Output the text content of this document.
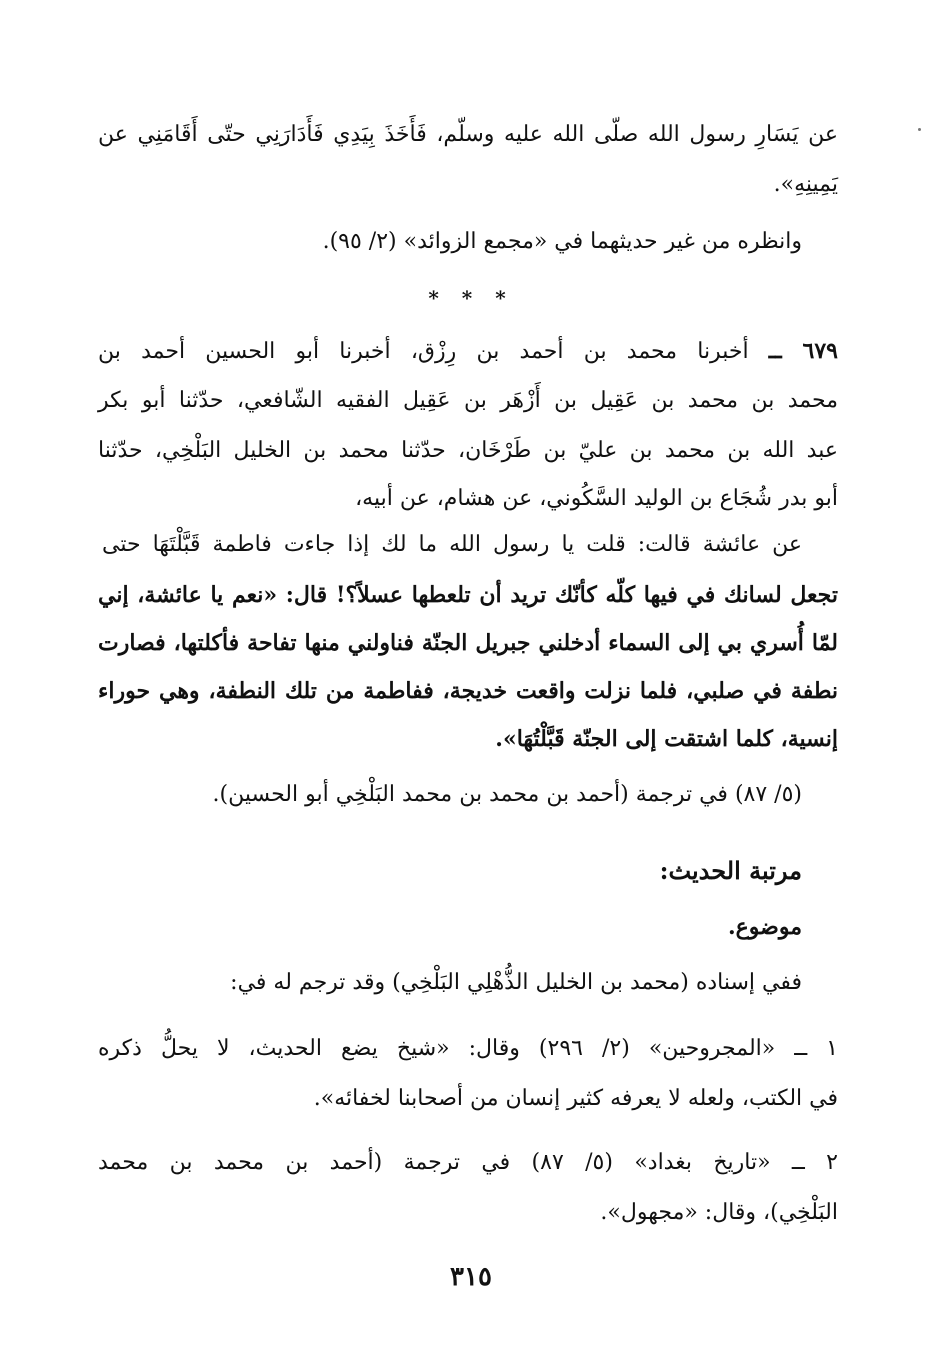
عن يَسَارِ رسول الله صلّى الله عليه وسلّم، فَأَخَذَ بِيَدِي فَأَدَارَنِي حتّى أَقَامَنِي عن
يَمِينِهِ».
وانظره من غير حديثهما في «مجمع الزوائد» (٢/ ٩٥).
* * *
٦٧٩ ــ أخبرنا محمد بن أحمد بن رِزْق، أخبرنا أبو الحسين أحمد بن
محمد بن محمد بن عَقِيل بن أَزْهَر بن عَقِيل الفقيه الشّافعي، حدّثنا أبو بكر
عبد الله بن محمد بن عليّ بن طَرْخَان، حدّثنا محمد بن الخليل البَلْخِي، حدّثنا
أبو بدر شُجَاع بن الوليد السَّكُوني، عن هشام، عن أبيه،
عن عائشة قالت: قلت يا رسول الله ما لك إذا جاءت فاطمة قَبَّلْتَهَا حتى
تجعل لسانك في فيها كلّه كأنّك تريد أن تلعطها عسلاً؟! قال: «نعم يا عائشة، إني
لمّا أُسري بي إلى السماء أدخلني جبريل الجنّة فناولني منها تفاحة فأكلتها، فصارت
نطفة في صلبي، فلما نزلت واقعت خديجة، ففاطمة من تلك النطفة، وهي حوراء
إنسية، كلما اشتقت إلى الجنّة قَبَّلْتُهَا».
(٥/ ٨٧) في ترجمة (أحمد بن محمد بن محمد البَلْخِي أبو الحسين).
مرتبة الحديث:
موضوع.
ففي إسناده (محمد بن الخليل الذُّهْلِي البَلْخِي) وقد ترجم له في:
١ ــ «المجروحين» (٢/ ٢٩٦) وقال: «شيخ يضع الحديث، لا يحلُّ ذكره
في الكتب، ولعله لا يعرفه كثير إنسان من أصحابنا لخفائه».
٢ ــ «تاريخ بغداد» (٥/ ٨٧) في ترجمة (أحمد بن محمد بن محمد
البَلْخِي)، وقال: «مجهول».
٣١٥
